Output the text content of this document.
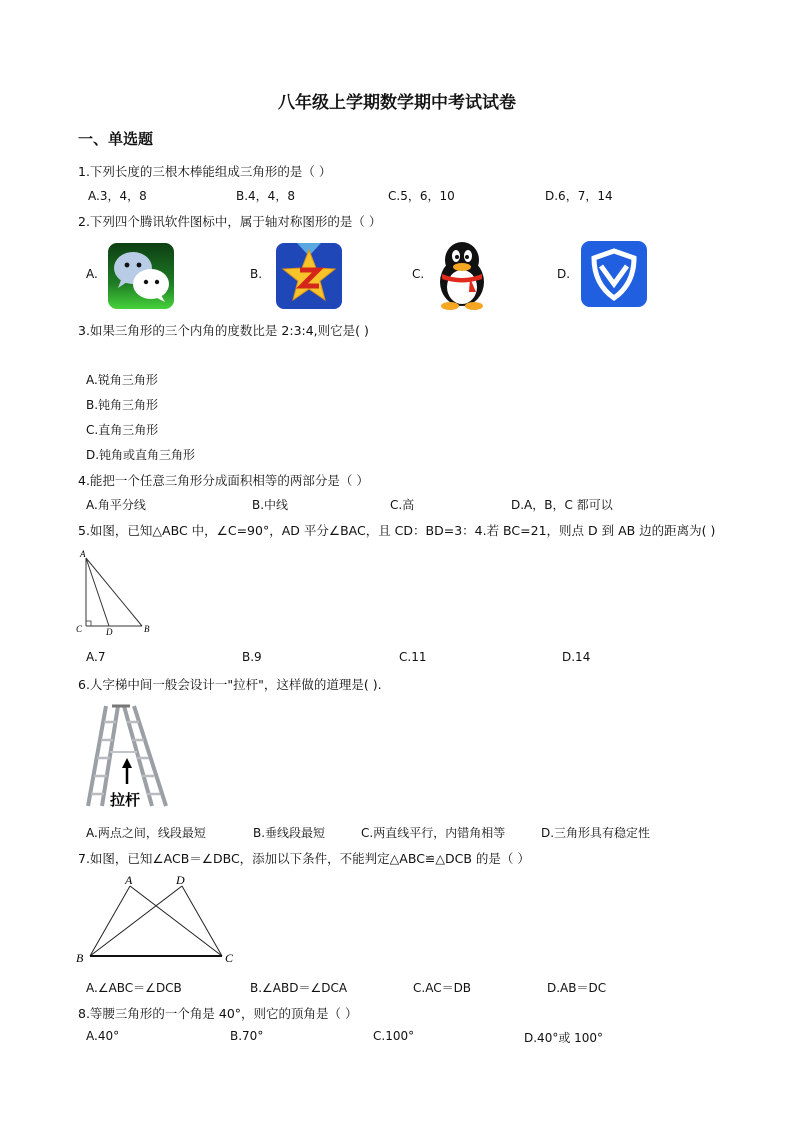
八年级上学期数学期中考试试卷
一、单选题
1.下列长度的三根木棒能组成三角形的是（ ）
A.3，4，8	B.4，4，8	C.5，6，10	D.6，7，14
2.下列四个腾讯软件图标中，属于轴对称图形的是（ ）
A.	B.	C.	D.
3.如果三角形的三个内角的度数比是 2:3:4,则它是( )
A.锐角三角形
B.钝角三角形
C.直角三角形
D.钝角或直角三角形
4.能把一个任意三角形分成面积相等的两部分是（ ）
A.角平分线	B.中线	C.高	D.A，B，C 都可以
5.如图，已知△ABC 中，∠C=90°，AD 平分∠BAC，且 CD：BD=3：4.若 BC=21，则点 D 到 AB 边的距离为( )
A
C	D	B
A.7	B.9	C.11	D.14
6.人字梯中间一般会设计一"拉杆"，这样做的道理是( ).
拉杆
A.两点之间，线段最短	B.垂线段最短	C.两直线平行，内错角相等	D.三角形具有稳定性
7.如图，已知∠ACB＝∠DBC，添加以下条件，不能判定△ABC≌△DCB 的是（ ）
A	D
B	C
A.∠ABC＝∠DCB	B.∠ABD＝∠DCA	C.AC＝DB	D.AB＝DC
8.等腰三角形的一个角是 40°，则它的顶角是（ ）
A.40°	B.70°	C.100°	D.40°或 100°
